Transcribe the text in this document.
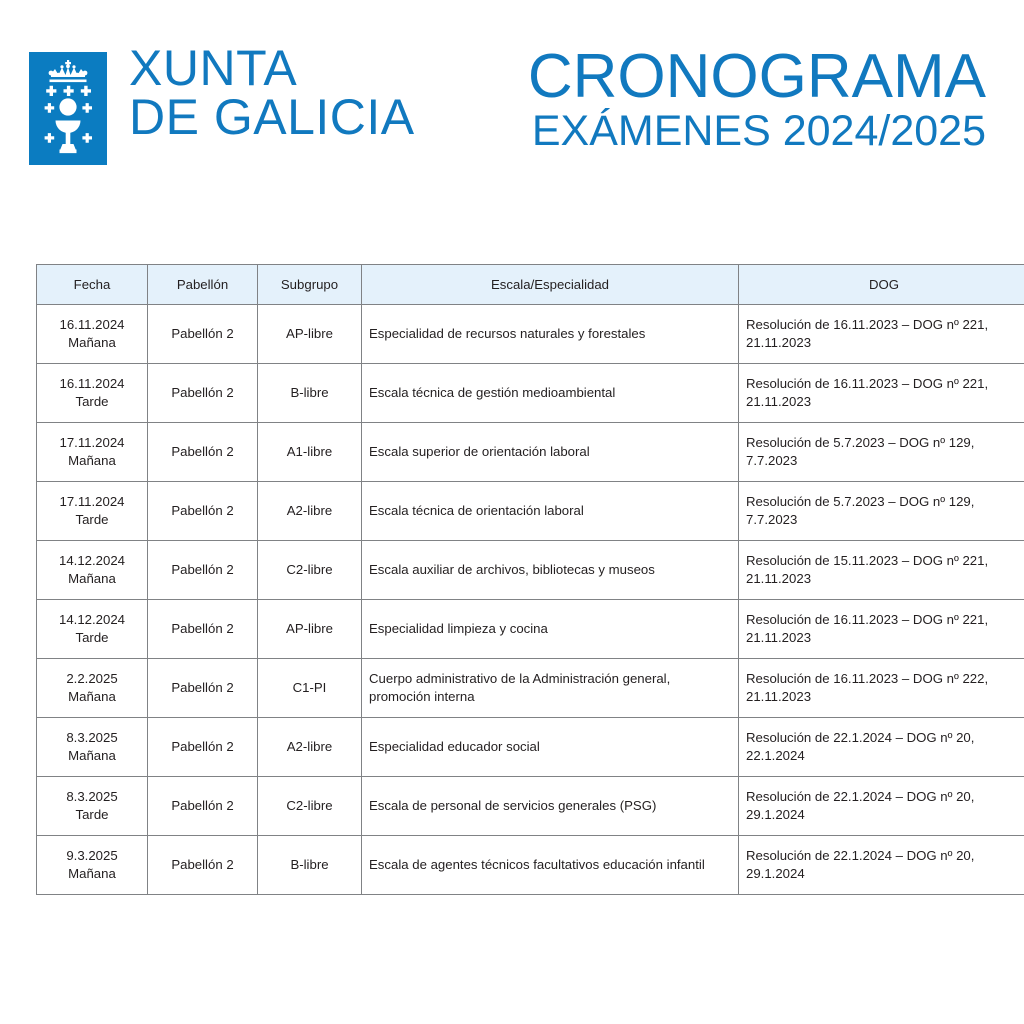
XUNTA
DE GALICIA
CRONOGRAMA
EXÁMENES 2024/2025
Fecha	Pabellón	Subgrupo	Escala/Especialidad	DOG

16.11.2024
Mañana	Pabellón 2	AP-libre	Especialidad de recursos naturales y forestales	Resolución de 16.11.2023 – DOG nº 221, 21.11.2023

16.11.2024
Tarde	Pabellón 2	B-libre	Escala técnica de gestión medioambiental	Resolución de 16.11.2023 – DOG nº 221, 21.11.2023

17.11.2024
Mañana	Pabellón 2	A1-libre	Escala superior de orientación laboral	Resolución de 5.7.2023 – DOG nº 129, 7.7.2023

17.11.2024
Tarde	Pabellón 2	A2-libre	Escala técnica de orientación laboral	Resolución de 5.7.2023 – DOG nº 129, 7.7.2023

14.12.2024
Mañana	Pabellón 2	C2-libre	Escala auxiliar de archivos, bibliotecas y museos	Resolución de 15.11.2023 – DOG nº 221, 21.11.2023

14.12.2024
Tarde	Pabellón 2	AP-libre	Especialidad limpieza y cocina	Resolución de 16.11.2023 – DOG nº 221, 21.11.2023

2.2.2025
Mañana	Pabellón 2	C1-PI	Cuerpo administrativo de la Administración general, promoción interna	Resolución de 16.11.2023 – DOG nº 222, 21.11.2023

8.3.2025
Mañana	Pabellón 2	A2-libre	Especialidad educador social	Resolución de 22.1.2024 – DOG nº 20, 22.1.2024

8.3.2025
Tarde	Pabellón 2	C2-libre	Escala de personal de servicios generales (PSG)	Resolución de 22.1.2024 – DOG nº 20, 29.1.2024

9.3.2025
Mañana	Pabellón 2	B-libre	Escala de agentes técnicos facultativos educación infantil	Resolución de 22.1.2024 – DOG nº 20, 29.1.2024
